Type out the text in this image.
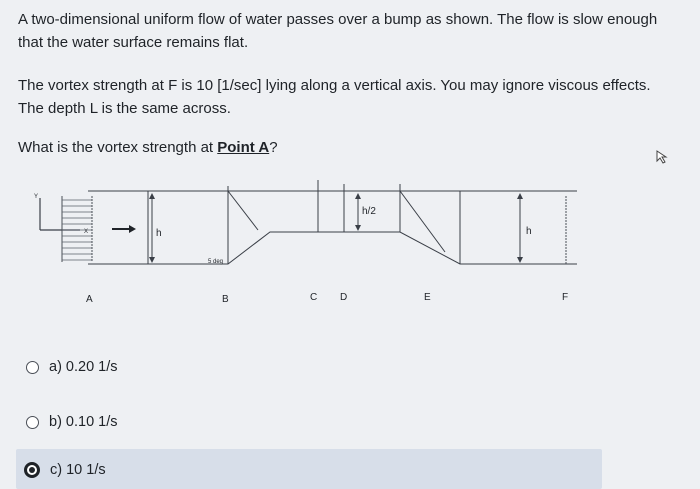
A two-dimensional uniform flow of water passes over a bump as shown. The flow is slow enough that the water surface remains flat.

The vortex strength at F is 10 [1/sec] lying along a vertical axis. You may ignore viscous effects. The depth L is the same across.

What is the vortex strength at Point A?

Y
X	h
h/2
h
5 deg
A	B	C D	E	F
a) 0.20 1/s
b) 0.10 1/s
c) 10 1/s
